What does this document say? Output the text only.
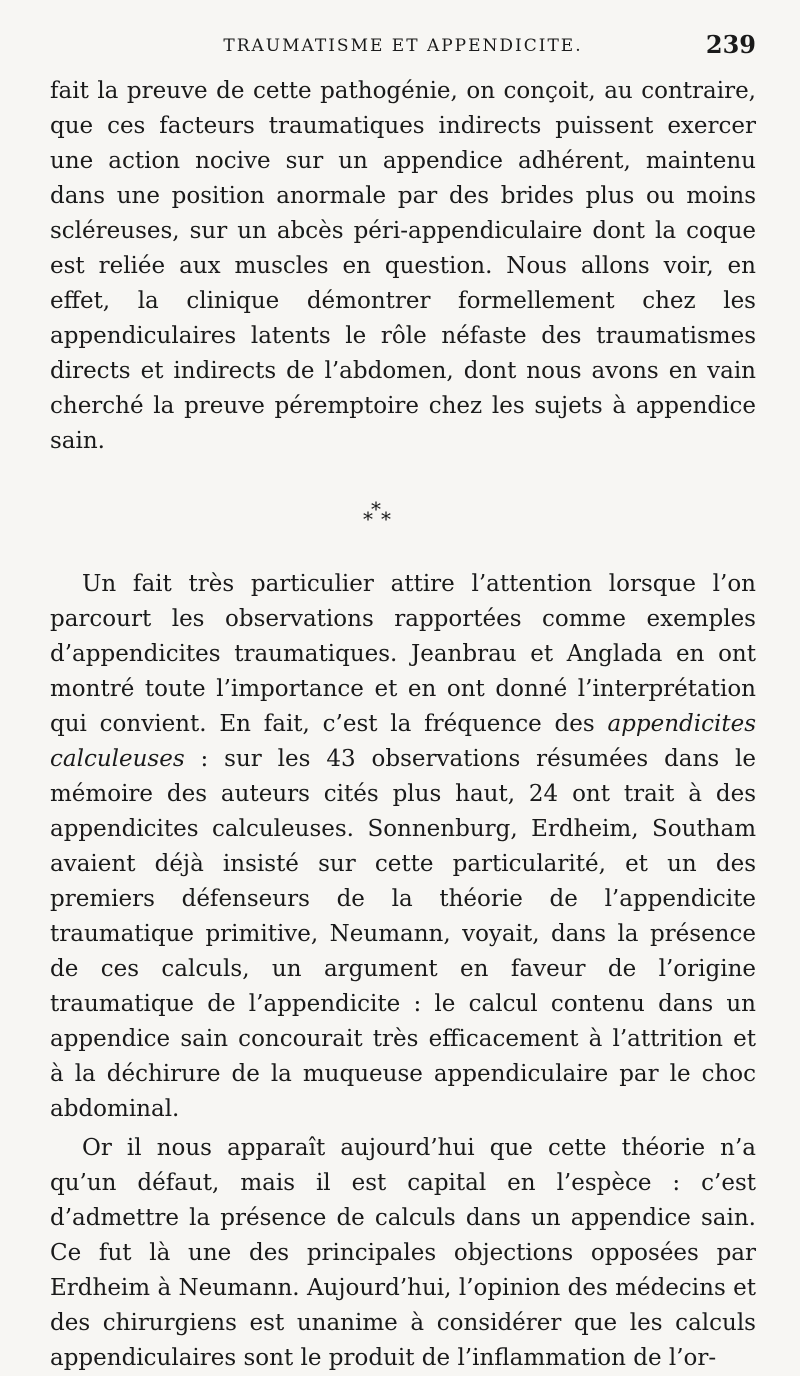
TRAUMATISME ET APPENDICITE.	239

fait la preuve de cette pathogénie, on conçoit, au contraire, que ces facteurs traumatiques indirects puissent exercer une action nocive sur un appendice adhérent, maintenu dans une position anormale par des brides plus ou moins scléreuses, sur un abcès péri-appendiculaire dont la coque est reliée aux muscles en question. Nous allons voir, en effet, la clinique démontrer formellement chez les appendiculaires latents le rôle néfaste des traumatismes directs et indirects de l’abdomen, dont nous avons en vain cherché la preuve péremptoire chez les sujets à appendice sain.

*
* *

Un fait très particulier attire l’attention lorsque l’on parcourt les observations rapportées comme exemples d’appendicites traumatiques. Jeanbrau et Anglada en ont montré toute l’importance et en ont donné l’interprétation qui convient. En fait, c’est la fréquence des appendicites calculeuses : sur les 43 observations résumées dans le mémoire des auteurs cités plus haut, 24 ont trait à des appendicites calculeuses. Sonnenburg, Erdheim, Southam avaient déjà insisté sur cette particularité, et un des premiers défenseurs de la théorie de l’appendicite traumatique primitive, Neumann, voyait, dans la présence de ces calculs, un argument en faveur de l’origine traumatique de l’appendicite : le calcul contenu dans un appendice sain concourait très efficacement à l’attrition et à la déchirure de la muqueuse appendiculaire par le choc abdominal.

Or il nous apparaît aujourd’hui que cette théorie n’a qu’un défaut, mais il est capital en l’espèce : c’est d’admettre la présence de calculs dans un appendice sain. Ce fut là une des principales objections opposées par Erdheim à Neumann. Aujourd’hui, l’opinion des médecins et des chirurgiens est unanime à considérer que les calculs appendiculaires sont le produit de l’inflammation de l’or-
